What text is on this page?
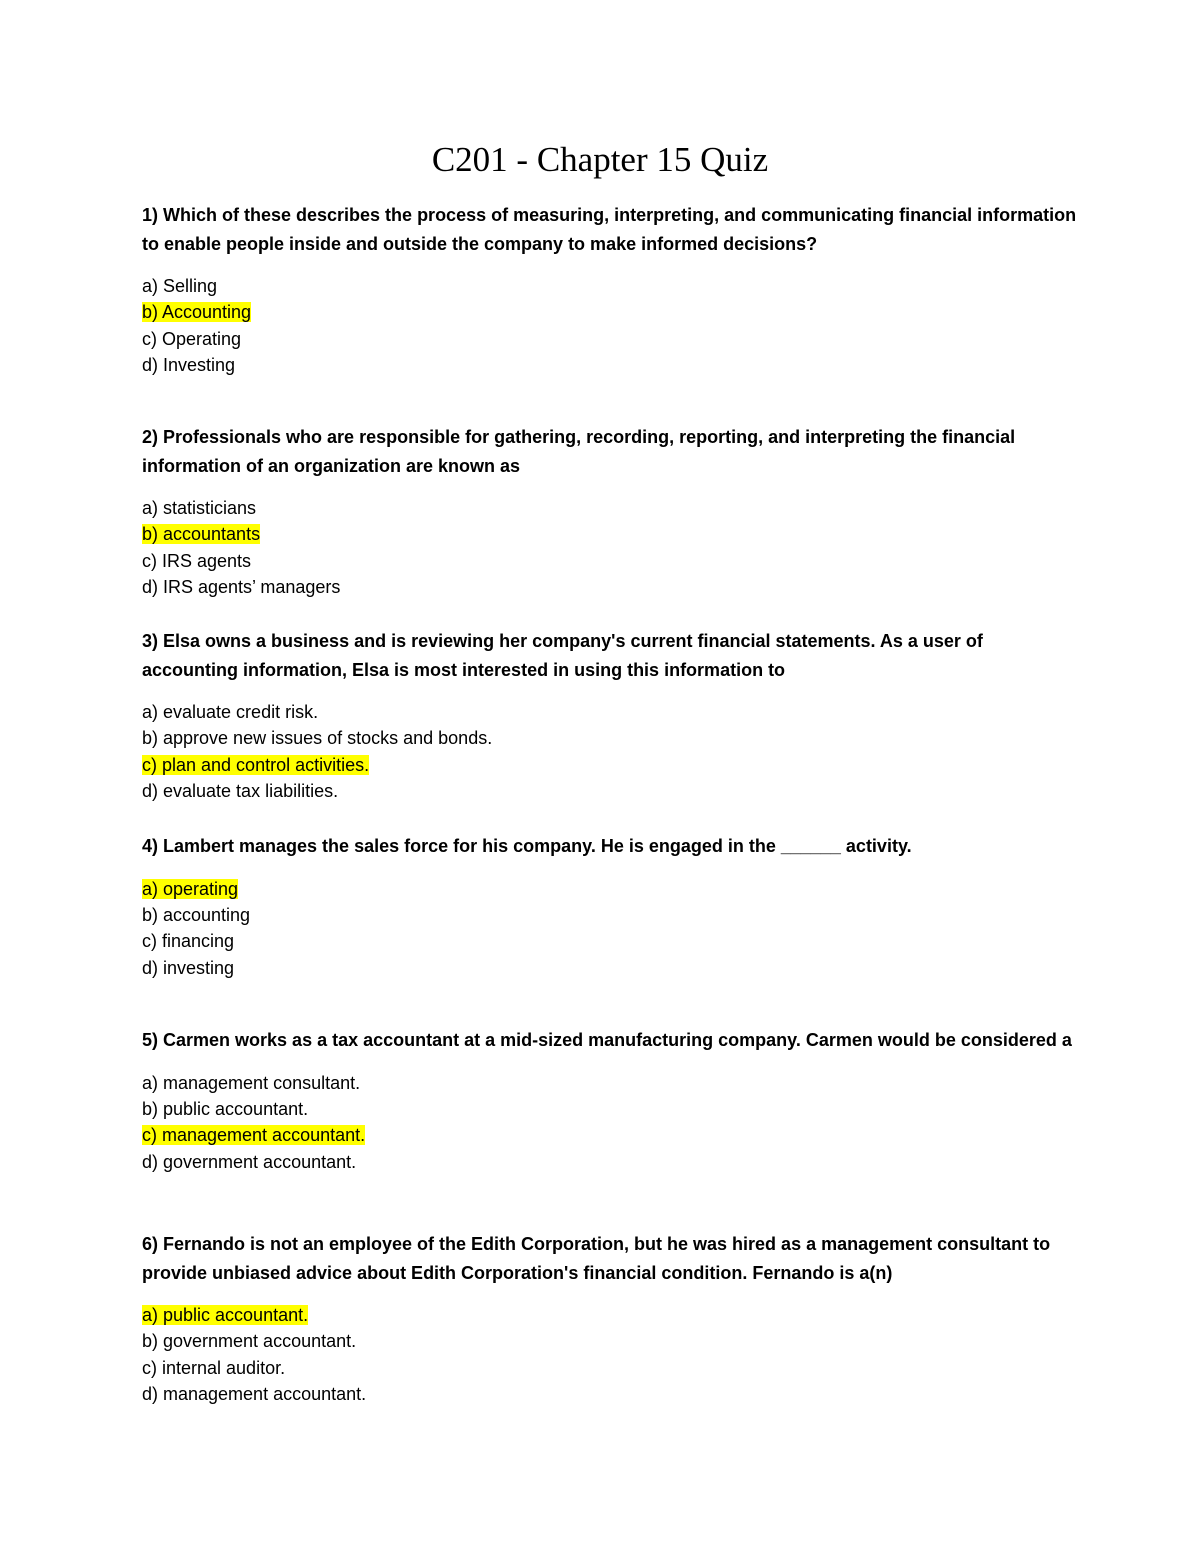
C201 - Chapter 15 Quiz

1) Which of these describes the process of measuring, interpreting, and communicating financial information to enable people inside and outside the company to make informed decisions?

a) Selling
b) Accounting
c) Operating
d) Investing

2) Professionals who are responsible for gathering, recording, reporting, and interpreting the financial information of an organization are known as

a) statisticians
b) accountants
c) IRS agents
d) IRS agents’ managers

3) Elsa owns a business and is reviewing her company's current financial statements. As a user of accounting information, Elsa is most interested in using this information to

a) evaluate credit risk.
b) approve new issues of stocks and bonds.
c) plan and control activities.
d) evaluate tax liabilities.

4) Lambert manages the sales force for his company. He is engaged in the ______ activity.

a) operating
b) accounting
c) financing
d) investing

5) Carmen works as a tax accountant at a mid-sized manufacturing company. Carmen would be considered a

a) management consultant.
b) public accountant.
c) management accountant.
d) government accountant.

6) Fernando is not an employee of the Edith Corporation, but he was hired as a management consultant to provide unbiased advice about Edith Corporation's financial condition. Fernando is a(n)

a) public accountant.
b) government accountant.
c) internal auditor.
d) management accountant.
